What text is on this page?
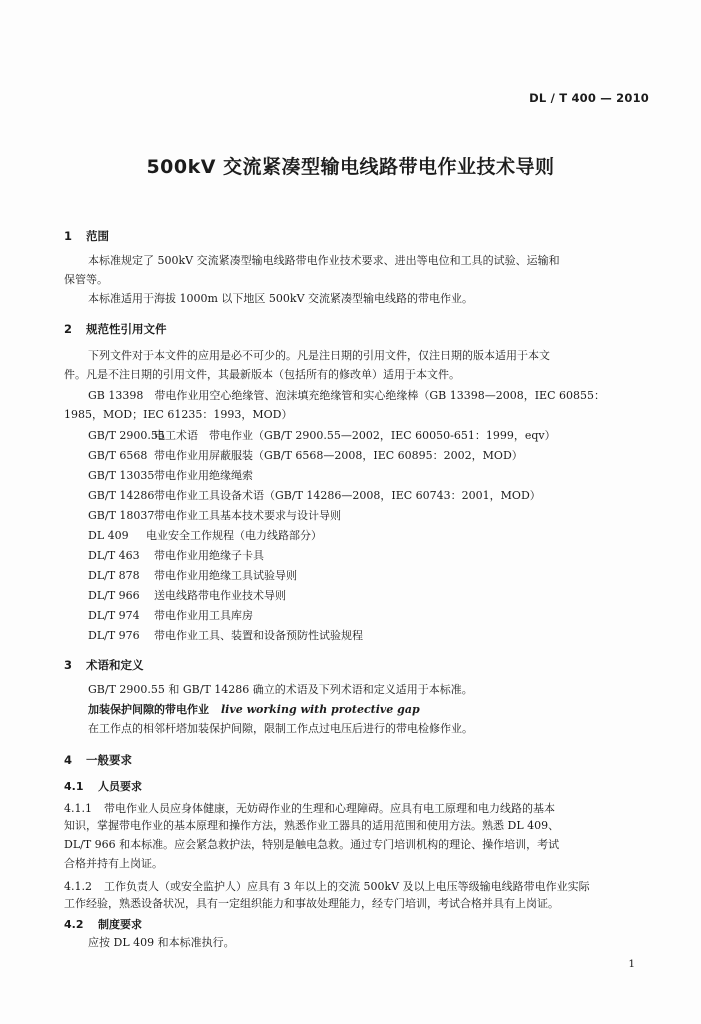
DL / T 400 — 2010
500kV 交流紧凑型输电线路带电作业技术导则
1 范围
本标准规定了 500kV 交流紧凑型输电线路带电作业技术要求、进出等电位和工具的试验、运输和
保管等。
本标准适用于海拔 1000m 以下地区 500kV 交流紧凑型输电线路的带电作业。
2 规范性引用文件
下列文件对于本文件的应用是必不可少的。凡是注日期的引用文件，仅注日期的版本适用于本文
件。凡是不注日期的引用文件，其最新版本（包括所有的修改单）适用于本文件。
GB 13398　带电作业用空心绝缘管、泡沫填充绝缘管和实心绝缘棒（GB 13398—2008，IEC 60855：
1985，MOD；IEC 61235：1993，MOD）
GB/T 2900.55电工术语　带电作业（GB/T 2900.55—2002，IEC 60050-651：1999，eqv）
GB/T 6568 带电作业用屏蔽服装（GB/T 6568—2008，IEC 60895：2002，MOD）
GB/T 13035带电作业用绝缘绳索
GB/T 14286带电作业工具设备术语（GB/T 14286—2008，IEC 60743：2001，MOD）
GB/T 18037带电作业工具基本技术要求与设计导则
DL 409 电业安全工作规程（电力线路部分）
DL/T 463 带电作业用绝缘子卡具
DL/T 878 带电作业用绝缘工具试验导则
DL/T 966 送电线路带电作业技术导则
DL/T 974 带电作业用工具库房
DL/T 976 带电作业工具、装置和设备预防性试验规程
3 术语和定义
GB/T 2900.55 和 GB/T 14286 确立的术语及下列术语和定义适用于本标准。
加装保护间隙的带电作业 live working with protective gap
在工作点的相邻杆塔加装保护间隙，限制工作点过电压后进行的带电检修作业。
4 一般要求
4.1 人员要求
4.1.1 带电作业人员应身体健康，无妨碍作业的生理和心理障碍。应具有电工原理和电力线路的基本
知识，掌握带电作业的基本原理和操作方法，熟悉作业工器具的适用范围和使用方法。熟悉 DL 409、
DL/T 966 和本标准。应会紧急救护法，特别是触电急救。通过专门培训机构的理论、操作培训，考试
合格并持有上岗证。
4.1.2 工作负责人（或安全监护人）应具有 3 年以上的交流 500kV 及以上电压等级输电线路带电作业实际
工作经验，熟悉设备状况，具有一定组织能力和事故处理能力，经专门培训，考试合格并具有上岗证。
4.2 制度要求
应按 DL 409 和本标准执行。
1
